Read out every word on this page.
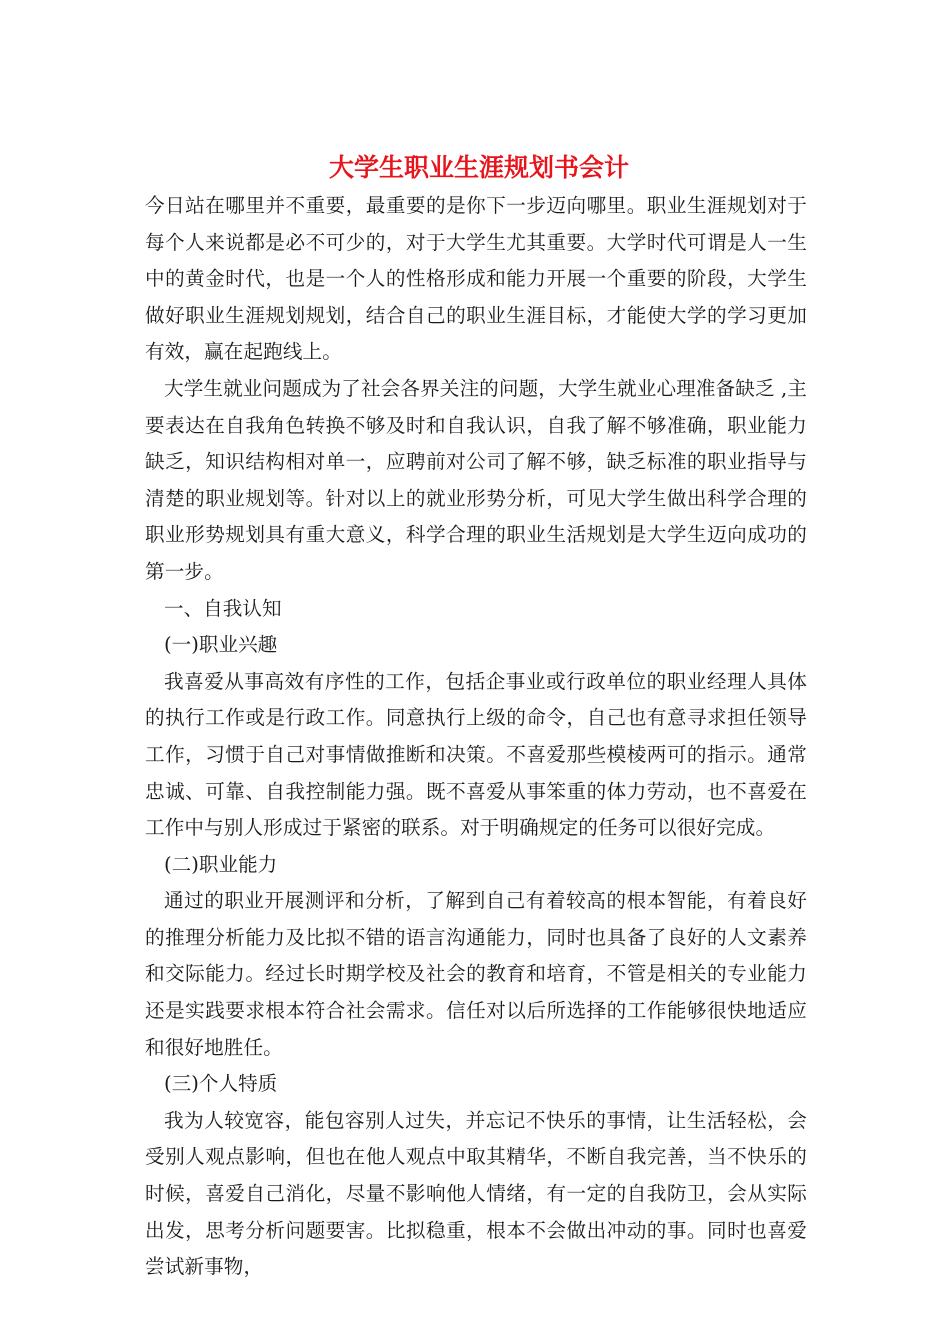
大学生职业生涯规划书会计

今日站在哪里并不重要，最重要的是你下一步迈向哪里。职业生涯规划对于每个人来说都是必不可少的，对于大学生尤其重要。大学时代可谓是人一生中的黄金时代，也是一个人的性格形成和能力开展一个重要的阶段，大学生做好职业生涯规划规划，结合自己的职业生涯目标，才能使大学的学习更加有效，赢在起跑线上。

大学生就业问题成为了社会各界关注的问题，大学生就业心理准备缺乏 ,主要表达在自我角色转换不够及时和自我认识，自我了解不够准确，职业能力缺乏，知识结构相对单一，应聘前对公司了解不够，缺乏标准的职业指导与清楚的职业规划等。针对以上的就业形势分析，可见大学生做出科学合理的职业形势规划具有重大意义，科学合理的职业生活规划是大学生迈向成功的第一步。

一、自我认知

(一)职业兴趣

我喜爱从事高效有序性的工作，包括企事业或行政单位的职业经理人具体的执行工作或是行政工作。同意执行上级的命令，自己也有意寻求担任领导工作，习惯于自己对事情做推断和决策。不喜爱那些模棱两可的指示。通常忠诚、可靠、自我控制能力强。既不喜爱从事笨重的体力劳动，也不喜爱在工作中与别人形成过于紧密的联系。对于明确规定的任务可以很好完成。

(二)职业能力

通过的职业开展测评和分析，了解到自己有着较高的根本智能，有着良好的推理分析能力及比拟不错的语言沟通能力，同时也具备了良好的人文素养和交际能力。经过长时期学校及社会的教育和培育，不管是相关的专业能力还是实践要求根本符合社会需求。信任对以后所选择的工作能够很快地适应和很好地胜任。

(三)个人特质

我为人较宽容，能包容别人过失，并忘记不快乐的事情，让生活轻松，会受别人观点影响，但也在他人观点中取其精华，不断自我完善，当不快乐的时候，喜爱自己消化，尽量不影响他人情绪，有一定的自我防卫，会从实际出发，思考分析问题要害。比拟稳重，根本不会做出冲动的事。同时也喜爱尝试新事物，
